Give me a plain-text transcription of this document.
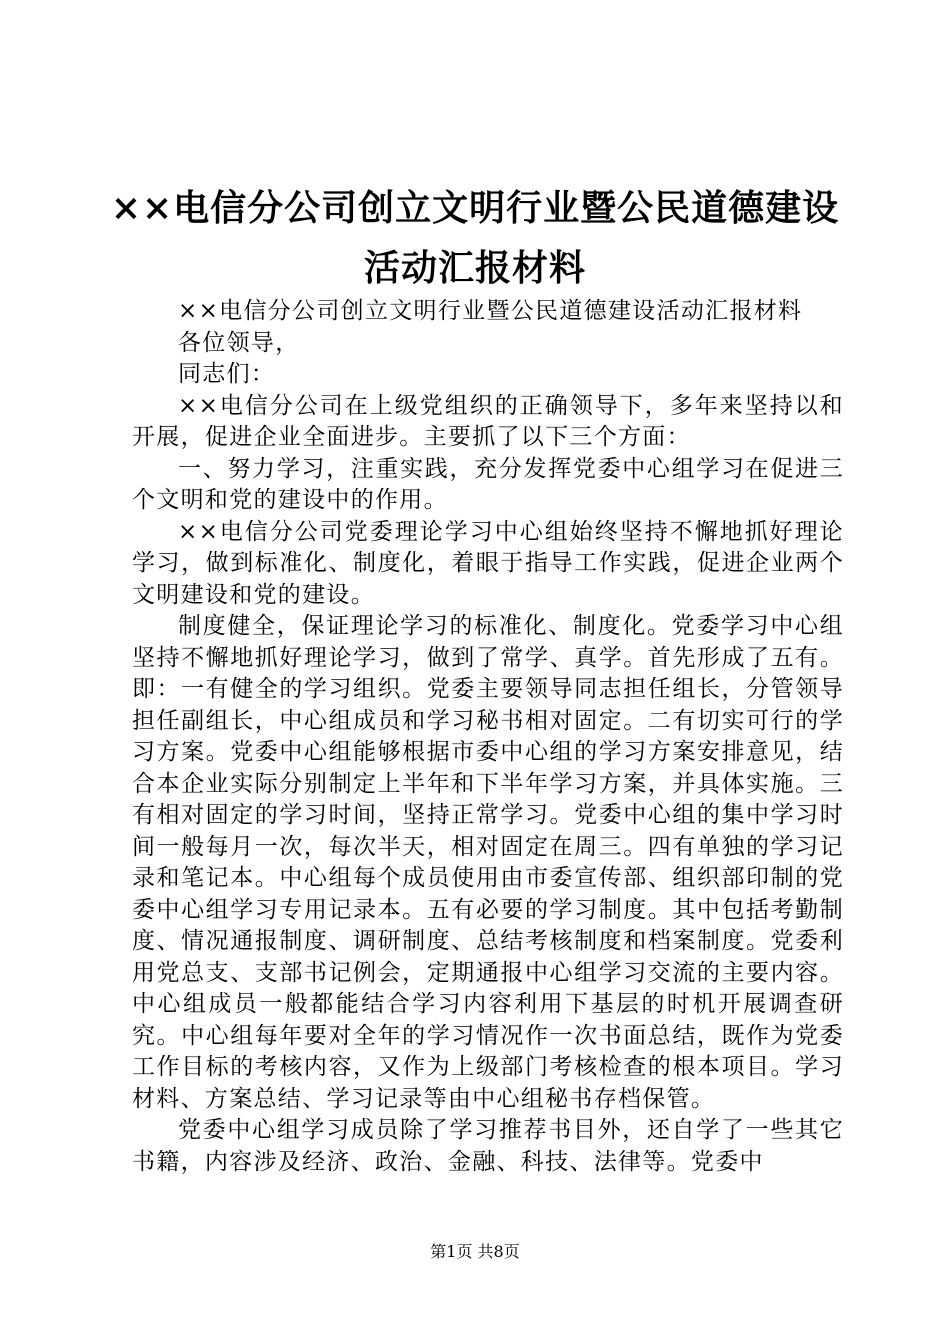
××电信分公司创立文明行业暨公民道德建设
活动汇报材料

××电信分公司创立文明行业暨公民道德建设活动汇报材料

各位领导，

同志们：

××电信分公司在上级党组织的正确领导下，多年来坚持以和开展，促进企业全面进步。主要抓了以下三个方面：

一、努力学习，注重实践，充分发挥党委中心组学习在促进三个文明和党的建设中的作用。

××电信分公司党委理论学习中心组始终坚持不懈地抓好理论学习，做到标准化、制度化，着眼于指导工作实践，促进企业两个文明建设和党的建设。

制度健全，保证理论学习的标准化、制度化。党委学习中心组坚持不懈地抓好理论学习，做到了常学、真学。首先形成了五有。即：一有健全的学习组织。党委主要领导同志担任组长，分管领导担任副组长，中心组成员和学习秘书相对固定。二有切实可行的学习方案。党委中心组能够根据市委中心组的学习方案安排意见，结合本企业实际分别制定上半年和下半年学习方案，并具体实施。三有相对固定的学习时间，坚持正常学习。党委中心组的集中学习时间一般每月一次，每次半天，相对固定在周三。四有单独的学习记录和笔记本。中心组每个成员使用由市委宣传部、组织部印制的党委中心组学习专用记录本。五有必要的学习制度。其中包括考勤制度、情况通报制度、调研制度、总结考核制度和档案制度。党委利用党总支、支部书记例会，定期通报中心组学习交流的主要内容。中心组成员一般都能结合学习内容利用下基层的时机开展调查研究。中心组每年要对全年的学习情况作一次书面总结，既作为党委工作目标的考核内容，又作为上级部门考核检查的根本项目。学习材料、方案总结、学习记录等由中心组秘书存档保管。

党委中心组学习成员除了学习推荐书目外，还自学了一些其它书籍，内容涉及经济、政治、金融、科技、法律等。党委中

第1页 共8页
